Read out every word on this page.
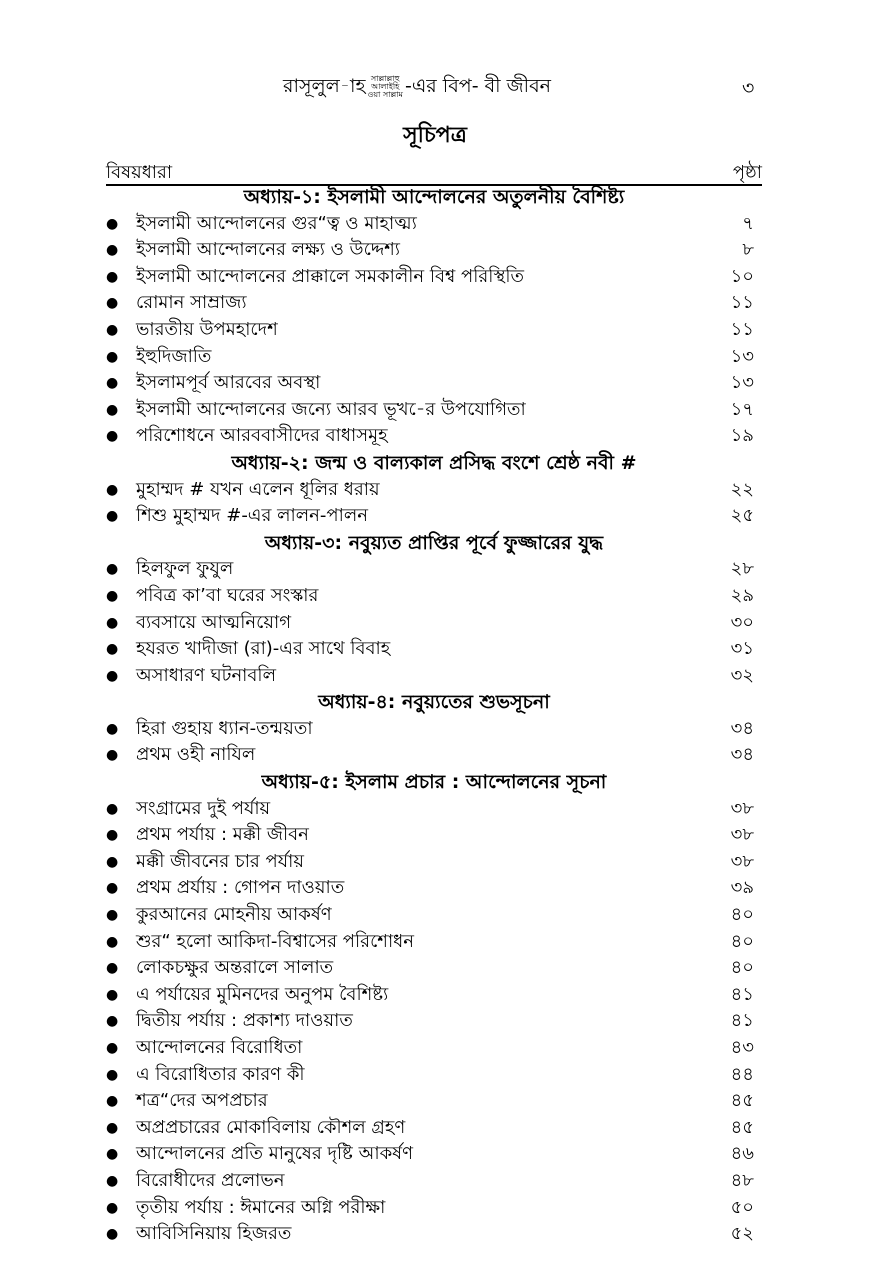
রাসূলুল-াহ সাল্লাল্লাহু
আলাইহি
ওয়া সাল্লাম -এর বিপ- বী জীবন	৩
সূচিপত্র
বিষয়ধারা	পৃষ্ঠা
অধ্যায়-১: ইসলামী আন্দোলনের অতুলনীয় বৈশিষ্ট্য
● ইসলামী আন্দোলনের গুর“ত্ব ও মাহাত্ম্য	৭
● ইসলামী আন্দোলনের লক্ষ্য ও উদ্দেশ্য	৮
● ইসলামী আন্দোলনের প্রাক্কালে সমকালীন বিশ্ব পরিস্থিতি	১০
● রোমান সাম্রাজ্য	১১
● ভারতীয় উপমহাদেশ	১১
● ইহুদিজাতি	১৩
● ইসলামপূর্ব আরবের অবস্থা	১৩
● ইসলামী আন্দোলনের জন্যে আরব ভূখ-ের উপযোগিতা	১৭
● পরিশোধনে আরববাসীদের বাধাসমূহ	১৯
অধ্যায়-২: জন্ম ও বাল্যকাল প্রসিদ্ধ বংশে শ্রেষ্ঠ নবী #
● মুহাম্মদ # যখন এলেন ধূলির ধরায়	২২
● শিশু মুহাম্মদ #-এর লালন-পালন	২৫
অধ্যায়-৩: নবুয়্যত প্রাপ্তির পূর্বে ফুজ্জারের যুদ্ধ
● হিলফুল ফুযুল	২৮
● পবিত্র কা’বা ঘরের সংস্কার	২৯
● ব্যবসায়ে আত্মনিয়োগ	৩০
● হযরত খাদীজা (রা)-এর সাথে বিবাহ	৩১
● অসাধারণ ঘটনাবলি	৩২
অধ্যায়-৪: নবুয়্যতের শুভসূচনা
● হিরা গুহায় ধ্যান-তন্ময়তা	৩৪
● প্রথম ওহী নাযিল	৩৪
অধ্যায়-৫: ইসলাম প্রচার : আন্দোলনের সূচনা
● সংগ্রামের দুই পর্যায়	৩৮
● প্রথম পর্যায় : মক্কী জীবন	৩৮
● মক্কী জীবনের চার পর্যায়	৩৮
● প্রথম প্রর্যায় : গোপন দাওয়াত	৩৯
● কুরআনের মোহনীয় আকর্ষণ	৪০
● শুর“ হলো আকিদা-বিশ্বাসের পরিশোধন	৪০
● লোকচক্ষুর অন্তরালে সালাত	৪০
● এ পর্যায়ের মুমিনদের অনুপম বৈশিষ্ট্য	৪১
● দ্বিতীয় পর্যায় : প্রকাশ্য দাওয়াত	৪১
● আন্দোলনের বিরোধিতা	৪৩
● এ বিরোধিতার কারণ কী	৪৪
● শত্র“দের অপপ্রচার	৪৫
● অপ্রপ্রচারের মোকাবিলায় কৌশল গ্রহণ	৪৫
● আন্দোলনের প্রতি মানুষের দৃষ্টি আকর্ষণ	৪৬
● বিরোধীদের প্রলোভন	৪৮
● তৃতীয় পর্যায় : ঈমানের অগ্নি পরীক্ষা	৫০
● আবিসিনিয়ায় হিজরত	৫২
